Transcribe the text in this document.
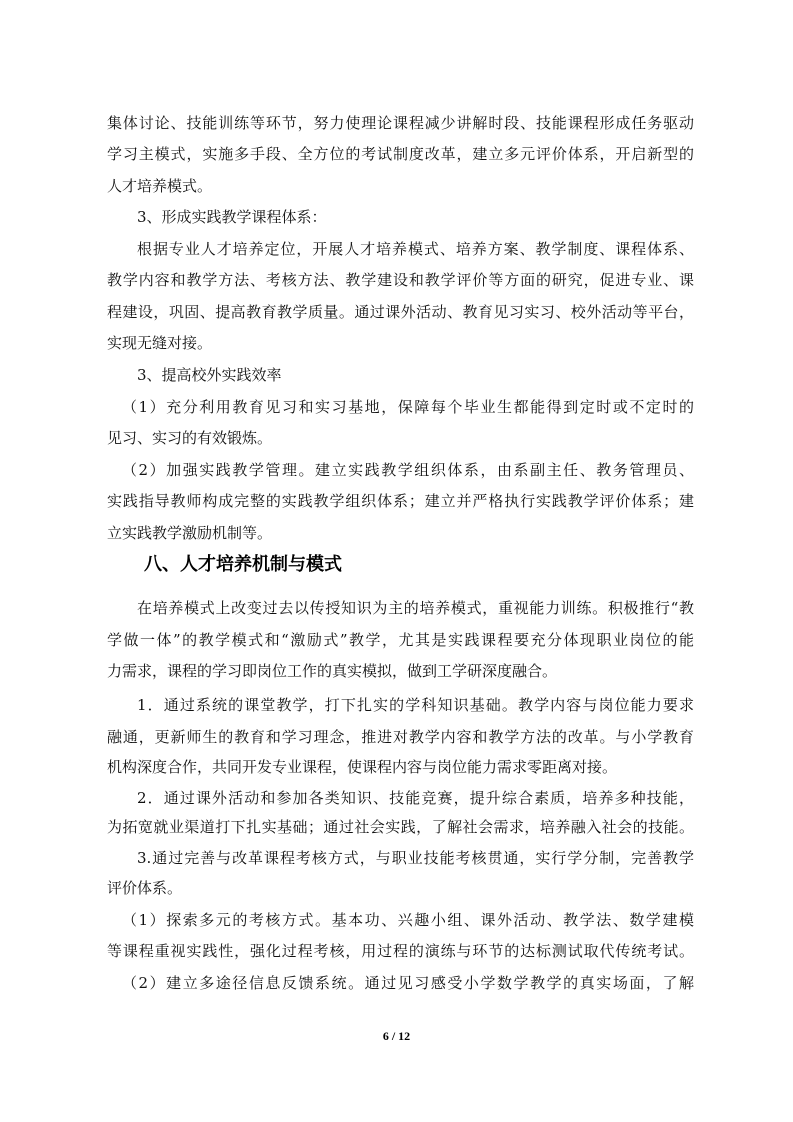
集体讨论、技能训练等环节，努力使理论课程减少讲解时段、技能课程形成任务驱动
学习主模式，实施多手段、全方位的考试制度改革，建立多元评价体系，开启新型的
人才培养模式。
3、形成实践教学课程体系：
根据专业人才培养定位，开展人才培养模式、培养方案、教学制度、课程体系、
教学内容和教学方法、考核方法、教学建设和教学评价等方面的研究，促进专业、课
程建设，巩固、提高教育教学质量。通过课外活动、教育见习实习、校外活动等平台，
实现无缝对接。
3、提高校外实践效率
（1）充分利用教育见习和实习基地，保障每个毕业生都能得到定时或不定时的
见习、实习的有效锻炼。
（2）加强实践教学管理。建立实践教学组织体系，由系副主任、教务管理员、
实践指导教师构成完整的实践教学组织体系；建立并严格执行实践教学评价体系；建
立实践教学激励机制等。
八、人才培养机制与模式
在培养模式上改变过去以传授知识为主的培养模式，重视能力训练。积极推行“教
学做一体”的教学模式和“激励式”教学，尤其是实践课程要充分体现职业岗位的能
力需求，课程的学习即岗位工作的真实模拟，做到工学研深度融合。
1．通过系统的课堂教学，打下扎实的学科知识基础。教学内容与岗位能力要求
融通，更新师生的教育和学习理念，推进对教学内容和教学方法的改革。与小学教育
机构深度合作，共同开发专业课程，使课程内容与岗位能力需求零距离对接。
2．通过课外活动和参加各类知识、技能竞赛，提升综合素质，培养多种技能，
为拓宽就业渠道打下扎实基础；通过社会实践，了解社会需求，培养融入社会的技能。
3.通过完善与改革课程考核方式，与职业技能考核贯通，实行学分制，完善教学
评价体系。
（1）探索多元的考核方式。基本功、兴趣小组、课外活动、教学法、数学建模
等课程重视实践性，强化过程考核，用过程的演练与环节的达标测试取代传统考试。
（2）建立多途径信息反馈系统。通过见习感受小学数学教学的真实场面，了解
6 / 12
